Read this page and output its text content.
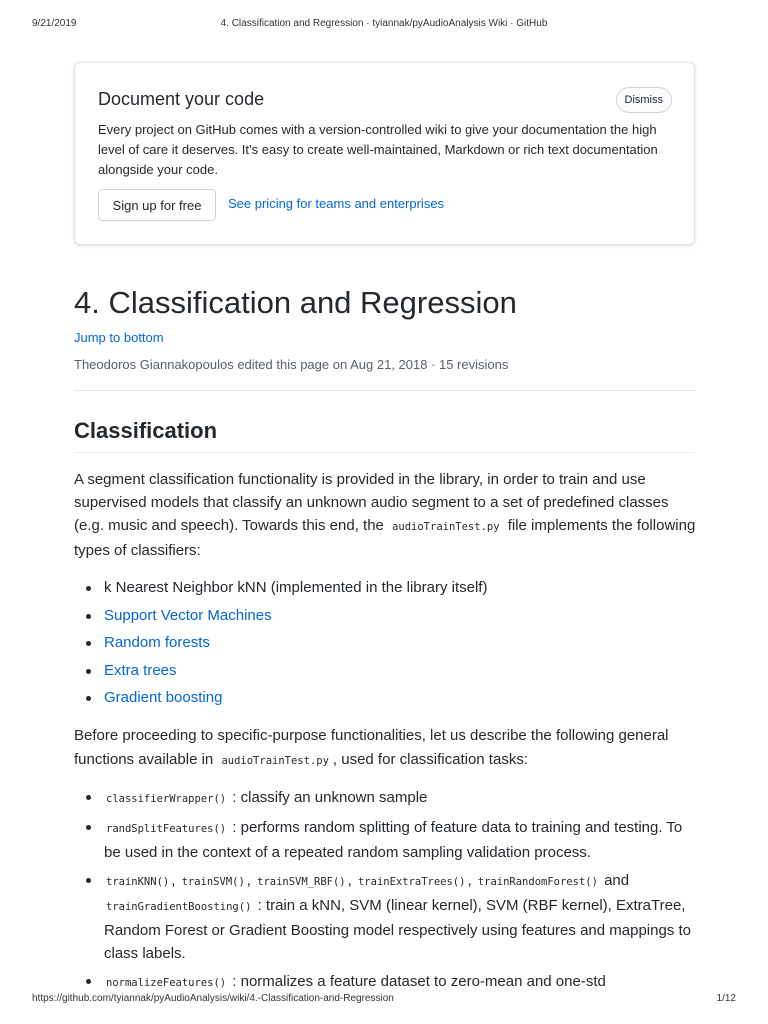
9/21/2019	4. Classification and Regression · tyiannak/pyAudioAnalysis Wiki · GitHub
Document your code	Dismiss
Every project on GitHub comes with a version-controlled wiki to give your documentation the high level of care it deserves. It’s easy to create well-maintained, Markdown or rich text documentation alongside your code.
Sign up for free	See pricing for teams and enterprises
4. Classification and Regression
Jump to bottom
Theodoros Giannakopoulos edited this page on Aug 21, 2018 · 15 revisions
Classification

A segment classification functionality is provided in the library, in order to train and use supervised models that classify an unknown audio segment to a set of predefined classes (e.g. music and speech). Towards this end, the audioTrainTest.py file implements the following types of classifiers:

k Nearest Neighbor kNN (implemented in the library itself)
Support Vector Machines
Random forests
Extra trees
Gradient boosting

Before proceeding to specific-purpose functionalities, let us describe the following general functions available in audioTrainTest.py , used for classification tasks:

classifierWrapper() : classify an unknown sample
randSplitFeatures() : performs random splitting of feature data to training and testing. To be used in the context of a repeated random sampling validation process.
trainKNN() , trainSVM() , trainSVM_RBF() , trainExtraTrees() , trainRandomForest() and trainGradientBoosting() : train a kNN, SVM (linear kernel), SVM (RBF kernel), ExtraTree, Random Forest or Gradient Boosting model respectively using features and mappings to class labels.
normalizeFeatures() : normalizes a feature dataset to zero-mean and one-std
https://github.com/tyiannak/pyAudioAnalysis/wiki/4.-Classification-and-Regression	1/12
